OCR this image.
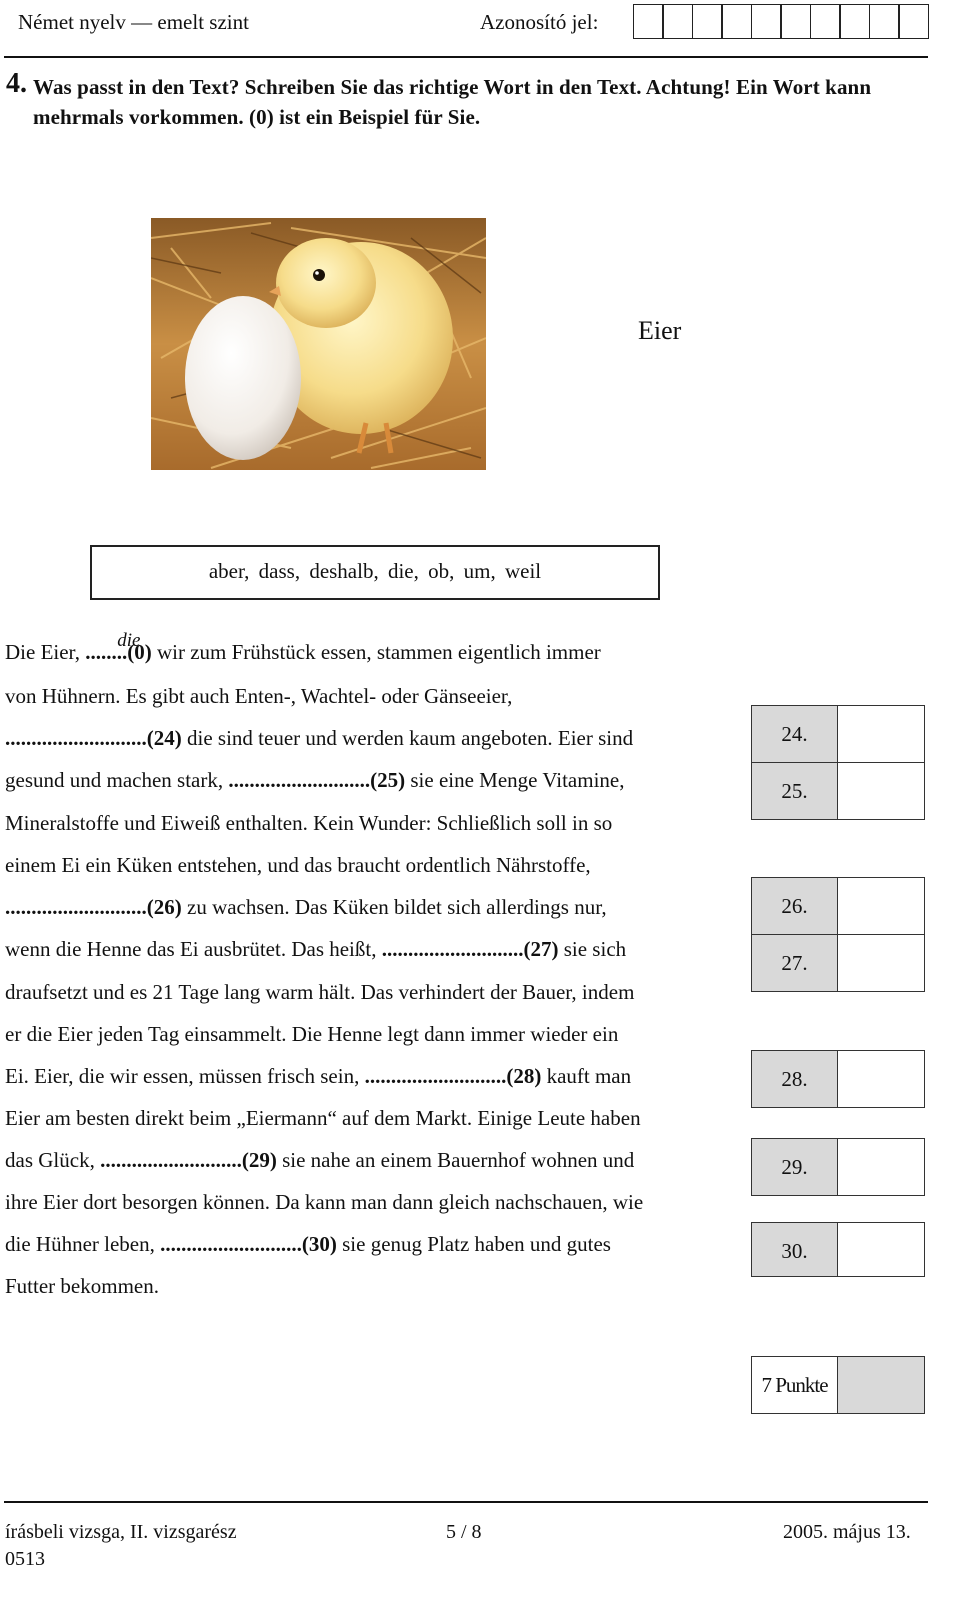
Német nyelv — emelt szint	Azonosító jel:
4. Was passt in den Text? Schreiben Sie das richtige Wort in den Text. Achtung! Ein Wort kann mehrmals vorkommen. (0) ist ein Beispiel für Sie.
Eier
aber, dass, deshalb, die, ob, um, weil
Die Eier, ........
die
(0) wir zum Frühstück essen, stammen eigentlich immer
von Hühnern. Es gibt auch Enten-, Wachtel- oder Gänseeier,
...........................(24) die sind teuer und werden kaum angeboten. Eier sind
gesund und machen stark, ...........................(25) sie eine Menge Vitamine,
Mineralstoffe und Eiweiß enthalten. Kein Wunder: Schließlich soll in so
einem Ei ein Küken entstehen, und das braucht ordentlich Nährstoffe,
...........................(26) zu wachsen. Das Küken bildet sich allerdings nur,
wenn die Henne das Ei ausbrütet. Das heißt, ...........................(27) sie sich
draufsetzt und es 21 Tage lang warm hält. Das verhindert der Bauer, indem
er die Eier jeden Tag einsammelt. Die Henne legt dann immer wieder ein
Ei. Eier, die wir essen, müssen frisch sein, ...........................(28) kauft man
Eier am besten direkt beim „Eiermann“ auf dem Markt. Einige Leute haben
das Glück, ...........................(29) sie nahe an einem Bauernhof wohnen und
ihre Eier dort besorgen können. Da kann man dann gleich nachschauen, wie
die Hühner leben, ...........................(30) sie genug Platz haben und gutes
Futter bekommen.
24.
25.
26.
27.
28.
29.
30.
7 Punkte
írásbeli vizsga, II. vizsgarész	5 / 8	2005. május 13.
0513
